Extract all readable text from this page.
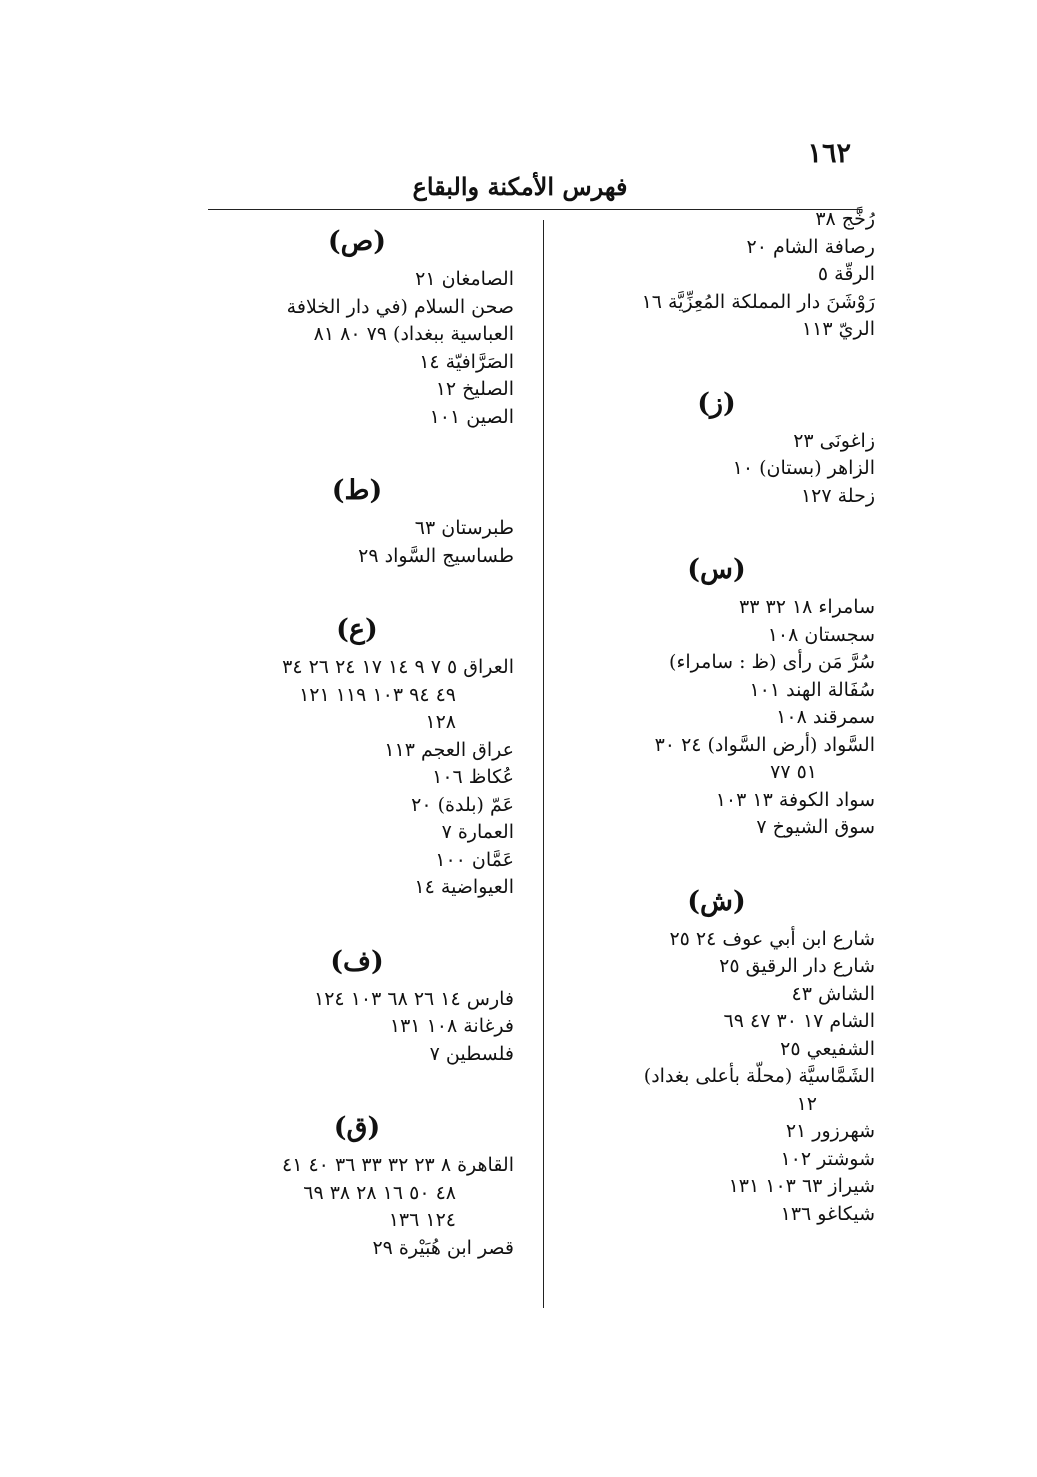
١٦٢
فهرس الأمكنة والبقاع
رُخَّج ٣٨
رصافة الشام ٢٠
الرقّة ٥
رَوْشَنَ دار المملكة المُعِزِّيَّة ١٦
الريّ ١١٣
(ز)
زاغونَى ٢٣
الزاهر (بستان) ١٠
زحلة ١٢٧
(س)
سامراء ١٨ ٣٢ ٣٣
سجستان ١٠٨
سُرَّ مَن رأى (ظ : سامراء)
سُفَالة الهند ١٠١
سمرقند ١٠٨
السَّواد (أرض السَّواد) ٢٤ ٣٠
٥١ ٧٧
سواد الكوفة ١٣ ١٠٣
سوق الشيوخ ٧
(ش)
شارع ابن أبي عوف ٢٤ ٢٥
شارع دار الرقيق ٢٥
الشاش ٤٣
الشام ١٧ ٣٠ ٤٧ ٦٩
الشفيعي ٢٥
الشَمَّاسيَّة (محلّة بأعلى بغداد)
١٢
شهرزور ٢١
شوشتر ١٠٢
شيراز ٦٣ ١٠٣ ١٣١
شيكاغو ١٣٦
(ص)
الصامغان ٢١
صحن السلام (في دار الخلافة
العباسية ببغداد) ٧٩ ٨٠ ٨١
الصَرَّافيّة ١٤
الصليخ ١٢
الصين ١٠١
(ط)
طبرستان ٦٣
طساسيج السَّواد ٢٩
(ع)
العراق ٥ ٧ ٩ ١٤ ١٧ ٢٤ ٢٦ ٣٤
٤٩ ٩٤ ١٠٣ ١١٩ ١٢١
١٢٨
عراق العجم ١١٣
عُكاظ ١٠٦
عَمّ (بلدة) ٢٠
العمارة ٧
عَمَّان ١٠٠
العيواضية ١٤
(ف)
فارس ١٤ ٢٦ ٦٨ ١٠٣ ١٢٤
فرغانة ١٠٨ ١٣١
فلسطين ٧
(ق)
القاهرة ٨ ٢٣ ٣٢ ٣٣ ٣٦ ٤٠ ٤١
٤٨ ٥٠ ١٦ ٢٨ ٣٨ ٦٩
١٢٤ ١٣٦
قصر ابن هُبَيْرة ٢٩
